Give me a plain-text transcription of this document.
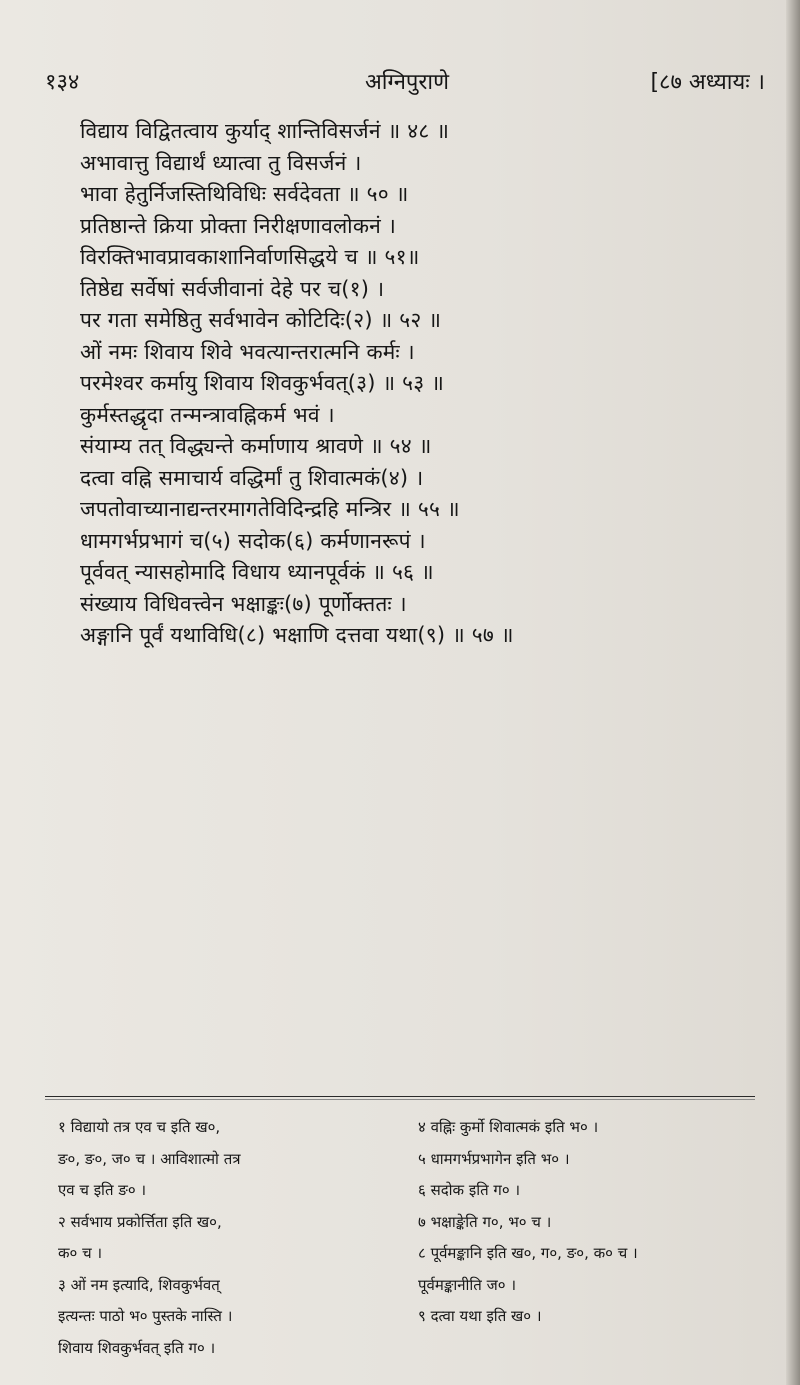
१३४	अग्निपुराणे	[८७ अध्यायः ।
विद्याय विद्वितत्वाय कुर्याद् शान्तिविसर्जनं ॥ ४८ ॥
अभावात्तु विद्यार्थं ध्यात्वा तु विसर्जनं ।
भावा हेतुर्निजस्तिथिविधिः सर्वदेवता ॥ ५० ॥
प्रतिष्ठान्ते क्रिया प्रोक्ता निरीक्षणावलोकनं ।
विरक्तिभावप्रावकाशानिर्वाणसिद्धये च ॥ ५१॥
तिष्ठेद्य सर्वेषां सर्वजीवानां देहे पर च(१) ।
पर गता समेष्ठितु सर्वभावेन कोटिदिः(२) ॥ ५२ ॥
ओं नमः शिवाय शिवे भवत्यान्तरात्मनि कर्मः ।
परमेश्वर कर्मायु शिवाय शिवकुर्भवत्(३) ॥ ५३ ॥
कुर्मस्तद्धृदा तन्मन्त्रावह्निकर्म भवं ।
संयाम्य तत् विद्ध्यन्ते कर्माणाय श्रावणे ॥ ५४ ॥
दत्वा वह्नि समाचार्य वद्धिर्मां तु शिवात्मकं(४) ।
जपतोवाच्यानाद्यन्तरमागतेविदिन्द्रहि मन्त्रिर ॥ ५५ ॥
धामगर्भप्रभागं च(५) सदोक(६) कर्मणानरूपं ।
पूर्ववत् न्यासहोमादि विधाय ध्यानपूर्वकं ॥ ५६ ॥
संख्याय विधिवत्त्वेन भक्षाङ्कः(७) पूर्णोक्ततः ।
अङ्गानि पूर्वं यथाविधि(८) भक्षाणि दत्तवा यथा(९) ॥ ५७ ॥
१ विद्यायो तत्र एव च इति ख०,
ङ०, ङ०, ज० च । आविशात्मो तत्र
एव च इति ङ० ।
२ सर्वभाय प्रकोर्त्तिता इति ख०,
क० च ।
३ ओं नम इत्यादि, शिवकुर्भवत्
इत्यन्तः पाठो भ० पुस्तके नास्ति ।
शिवाय शिवकुर्भवत् इति ग० ।
४ वह्निः कुर्मो शिवात्मकं इति भ० ।
५ धामगर्भप्रभागेन इति भ० ।
६ सदोक इति ग० ।
७ भक्षाङ्केति ग०, भ० च ।
८ पूर्वमङ्कानि इति ख०, ग०, ङ०, क० च ।
पूर्वमङ्कानीति ज० ।
९ दत्वा यथा इति ख० ।
